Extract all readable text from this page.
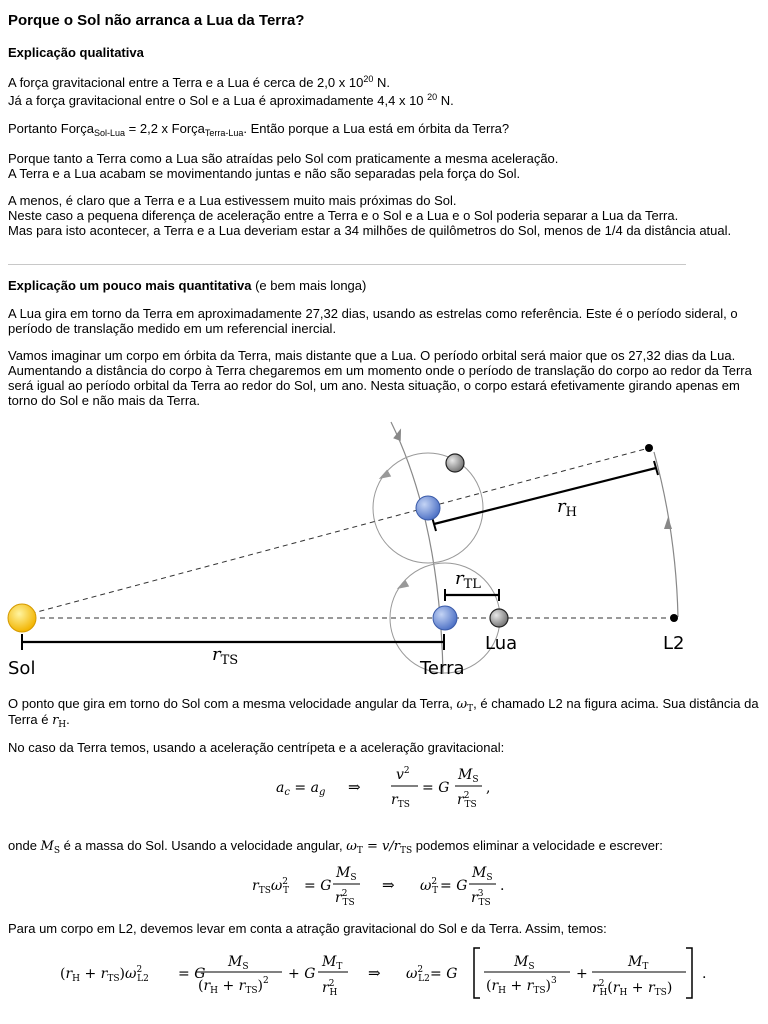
Porque o Sol não arranca a Lua da Terra?
Explicação qualitativa

A força gravitacional entre a Terra e a Lua é cerca de 2,0 x $10^{20}$ N.

Já a força gravitacional entre o Sol e a Lua é aproximadamente 4,4 x 10 $^{20}$ N.

Portanto Força$_{Sol-Lua}$ = 2,2 x Força$_{Terra-Lua}$. Então porque a Lua está em órbita da Terra?

Porque tanto a Terra como a Lua são atraídas pelo Sol com praticamente a mesma aceleração.

A Terra e a Lua acabam se movimentando juntas e não são separadas pela força do Sol.

A menos, é claro que a Terra e a Lua estivessem muito mais próximas do Sol.

Neste caso a pequena diferença de aceleração entre a Terra e o Sol e a Lua e o Sol poderia separar a Lua da Terra.

Mas para isto acontecer, a Terra e a Lua deveriam estar a 34 milhões de quilômetros do Sol, menos de 1/4 da distância atual.

Explicação um pouco mais quantitativa (e bem mais longa)

A Lua gira em torno da Terra em aproximadamente 27,32 dias, usando as estrelas como referência. Este é o período sideral, o período de translação medido em um referencial inercial.

Vamos imaginar um corpo em órbita da Terra, mais distante que a Lua. O período orbital será maior que os 27,32 dias da Lua. Aumentando a distância do corpo à Terra chegaremos em um momento onde o período de translação do corpo ao redor da Terra será igual ao período orbital da Terra ao redor do Sol, um ano. Nesta situação, o corpo estará efetivamente girando apenas em torno do Sol e não mais da Terra.

Sol	Terra
Lua	L2
$r_{TS}$
$r_{TL}$
$r_H$
O ponto que gira em torno do Sol com a mesma velocidade angular da Terra, $\omega_T$, é chamado L2 na figura acima. Sua distância da Terra é $r_H$.

No caso da Terra temos, usando a aceleração centrípeta e a aceleração gravitacional:

$a_c = a_g$ ⇒
$v^2$
$r_{TS}$
= G
$M_S$
$r^2$ TS
,
onde $M_S$ é a massa do Sol. Usando a velocidade angular, $\omega_T = v/r_{TS}$ podemos eliminar a velocidade e escrever:
$r_{TS}\omega^2$ T = G
$M_S$
$r^2$ TS
⇒ $\omega^2$ T = G
$M_S$
$r^3$ TS
.

Para um corpo em L2, devemos levar em conta a atração gravitacional do Sol e da Terra. Assim, temos:

$(r_H + r_{TS})\omega^2$ L2 = G
$M_S$
$(r_H + r_{TS})^2 + G$
$M_T$
$r^2$ H
⇒ $\omega^2$ L2 = G
$M_S$
$(r_H + r_{TS})^3$ +
$M_T$
$r^2$ $H(r_H + r_{TS})$
.
